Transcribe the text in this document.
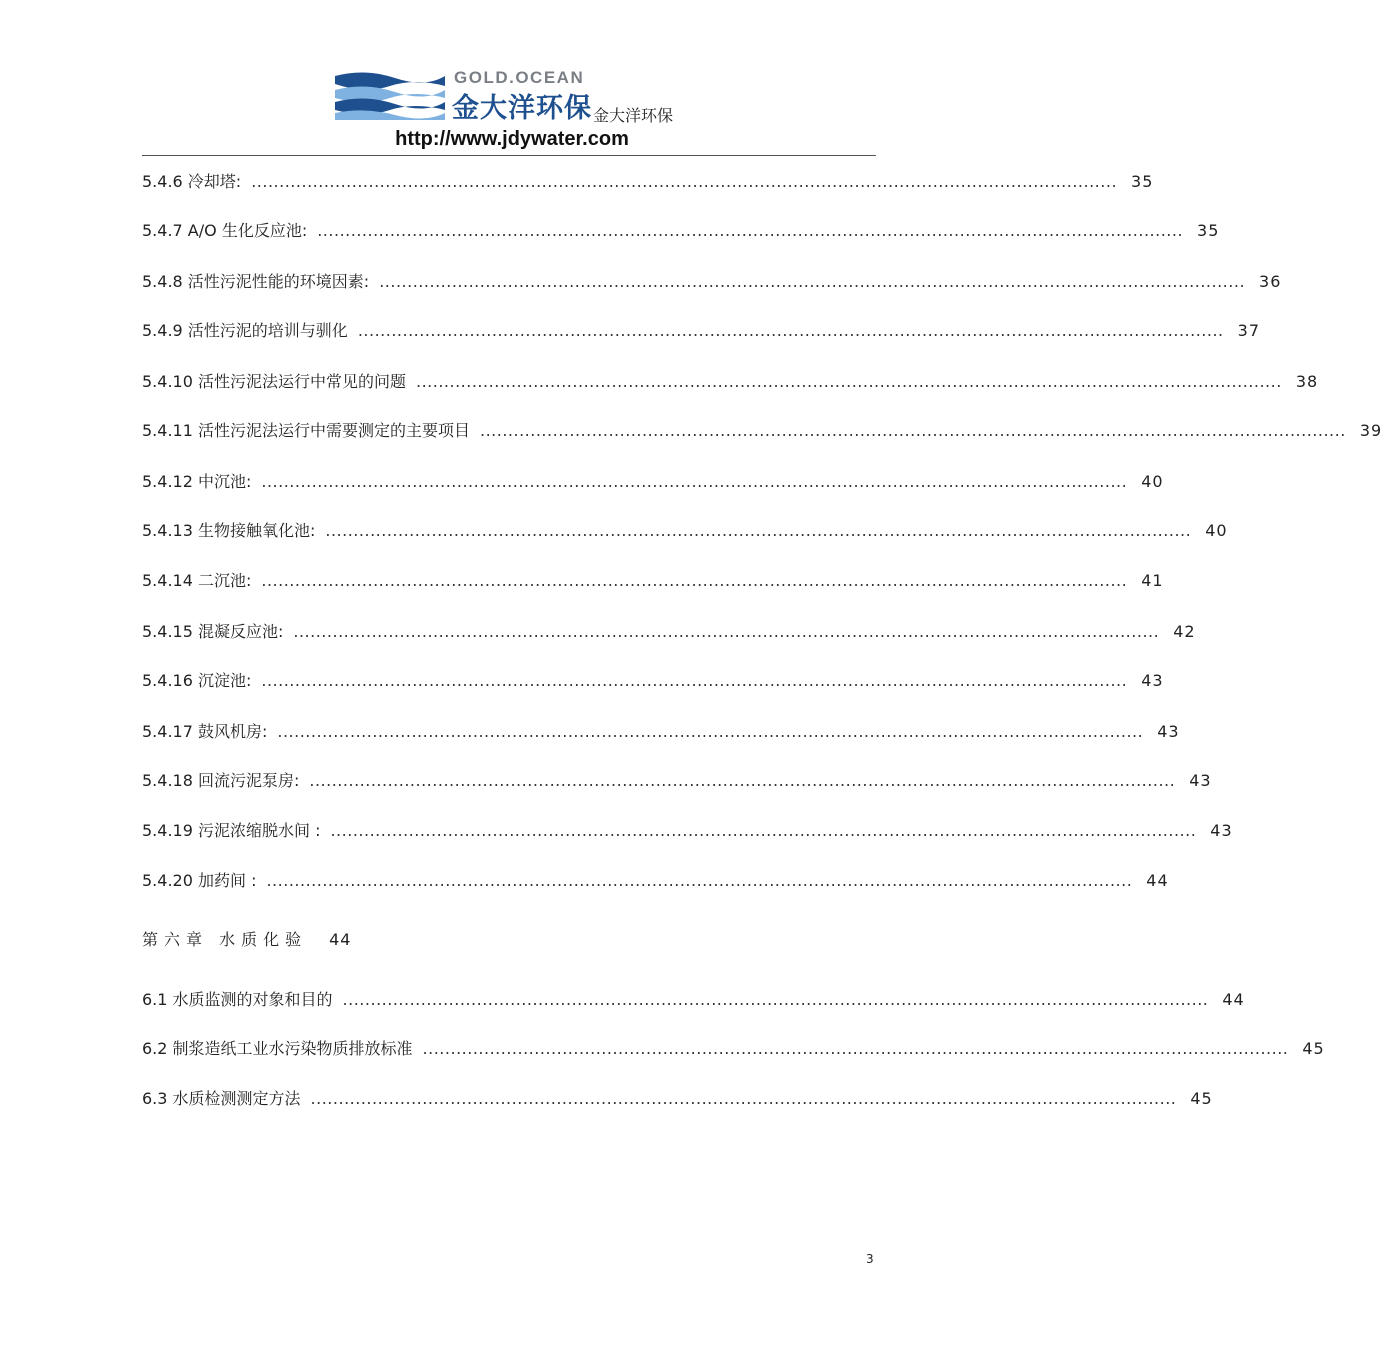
GOLD.OCEAN
金大洋环保 金大洋环保
http://www.jdywater.com
5.4.6 冷却塔: ........................................................................................................................................................... 35
5.4.7 A/O 生化反应池: ........................................................................................................................................................... 35
5.4.8 活性污泥性能的环境因素: ........................................................................................................................................................... 36
5.4.9 活性污泥的培训与驯化 ........................................................................................................................................................... 37
5.4.10 活性污泥法运行中常见的问题 ........................................................................................................................................................... 38
5.4.11 活性污泥法运行中需要测定的主要项目 ........................................................................................................................................................... 39
5.4.12 中沉池: ........................................................................................................................................................... 40
5.4.13 生物接触氧化池: ........................................................................................................................................................... 40
5.4.14 二沉池: ........................................................................................................................................................... 41
5.4.15 混凝反应池: ........................................................................................................................................................... 42
5.4.16 沉淀池: ........................................................................................................................................................... 43
5.4.17 鼓风机房: ........................................................................................................................................................... 43
5.4.18 回流污泥泵房: ........................................................................................................................................................... 43
5.4.19 污泥浓缩脱水间 : ........................................................................................................................................................... 43
5.4.20 加药间 : ........................................................................................................................................................... 44
第六章 水质化验 44
6.1 水质监测的对象和目的 ........................................................................................................................................................... 44
6.2 制浆造纸工业水污染物质排放标准 ........................................................................................................................................................... 45
6.3 水质检测测定方法 ........................................................................................................................................................... 45
3
